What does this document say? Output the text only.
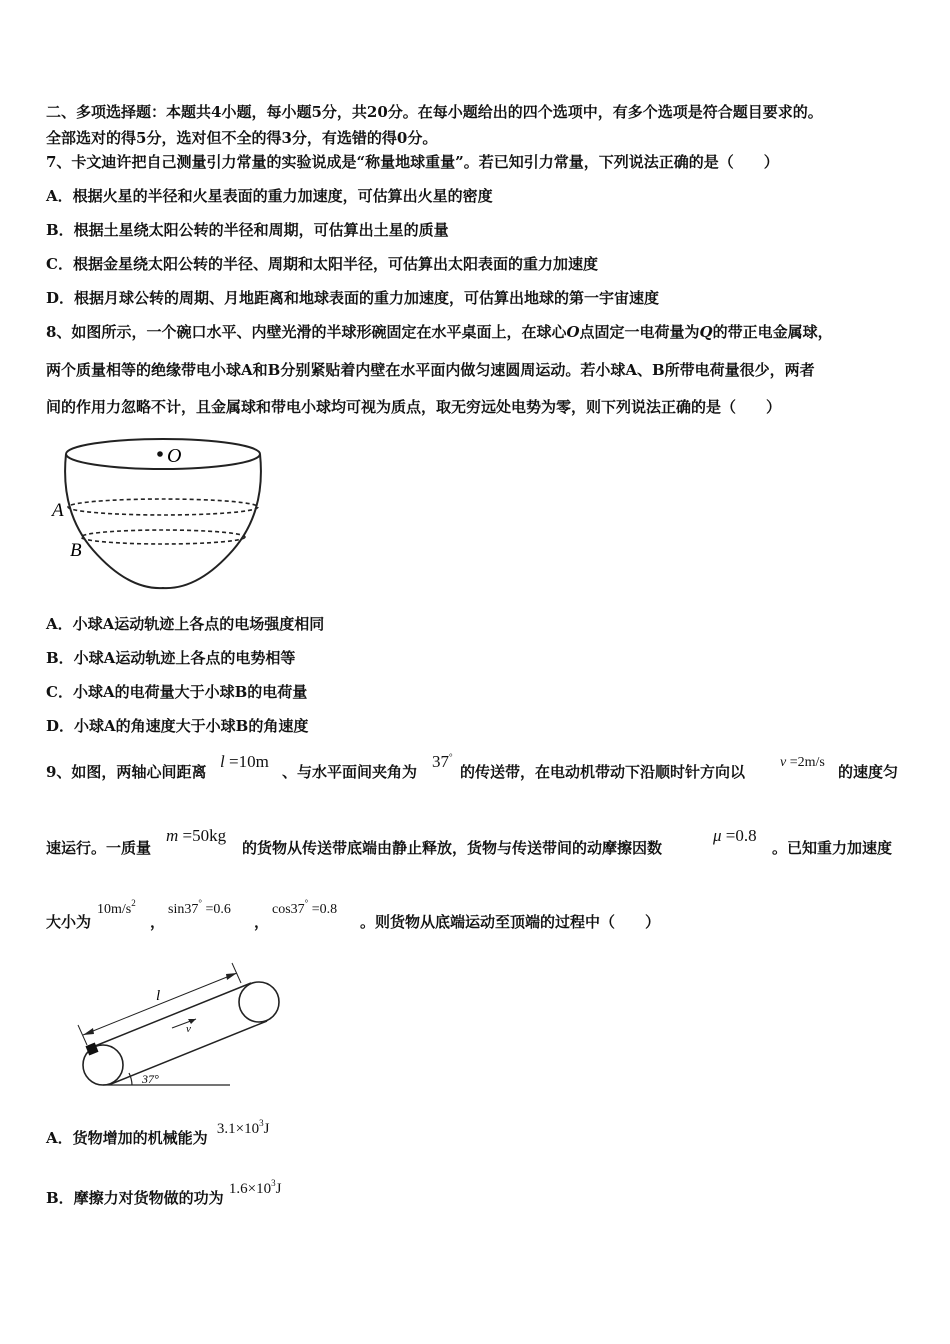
二、多项选择题：本题共4小题，每小题5分，共20分。在每小题给出的四个选项中，有多个选项是符合题目要求的。
全部选对的得5分，选对但不全的得3分，有选错的得0分。
7、卡文迪许把自己测量引力常量的实验说成是“称量地球重量”。若已知引力常量，下列说法正确的是（　　）
A．根据火星的半径和火星表面的重力加速度，可估算出火星的密度
B．根据土星绕太阳公转的半径和周期，可估算出土星的质量
C．根据金星绕太阳公转的半径、周期和太阳半径，可估算出太阳表面的重力加速度
D．根据月球公转的周期、月地距离和地球表面的重力加速度，可估算出地球的第一宇宙速度
8、如图所示，一个碗口水平、内壁光滑的半球形碗固定在水平桌面上，在球心O点固定一电荷量为Q的带正电金属球，
两个质量相等的绝缘带电小球A和B分别紧贴着内壁在水平面内做匀速圆周运动。若小球A、B所带电荷量很少，两者
间的作用力忽略不计，且金属球和带电小球均可视为质点，取无穷远处电势为零，则下列说法正确的是（　　）
O
A
B
A．小球A运动轨迹上各点的电场强度相同
B．小球A运动轨迹上各点的电势相等
C．小球A的电荷量大于小球B的电荷量
D．小球A的角速度大于小球B的角速度
9、如图，两轴心间距离
l =10m
、与水平面间夹角为
37°
的传送带，在电动机带动下沿顺时针方向以
v =2m/s
的速度匀
速运行。一质量
m =50kg
的货物从传送带底端由静止释放，货物与传送带间的动摩擦因数
μ =0.8
。已知重力加速度
大小为
$10m/s^2$
，
sin37° =0.6
，
cos37° =0.8
。则货物从底端运动至顶端的过程中（　　）
37°
l
v
A．货物增加的机械能为 $3.1\times 10^3J$
B．摩擦力对货物做的功为 $1.6\times 10^3J$
